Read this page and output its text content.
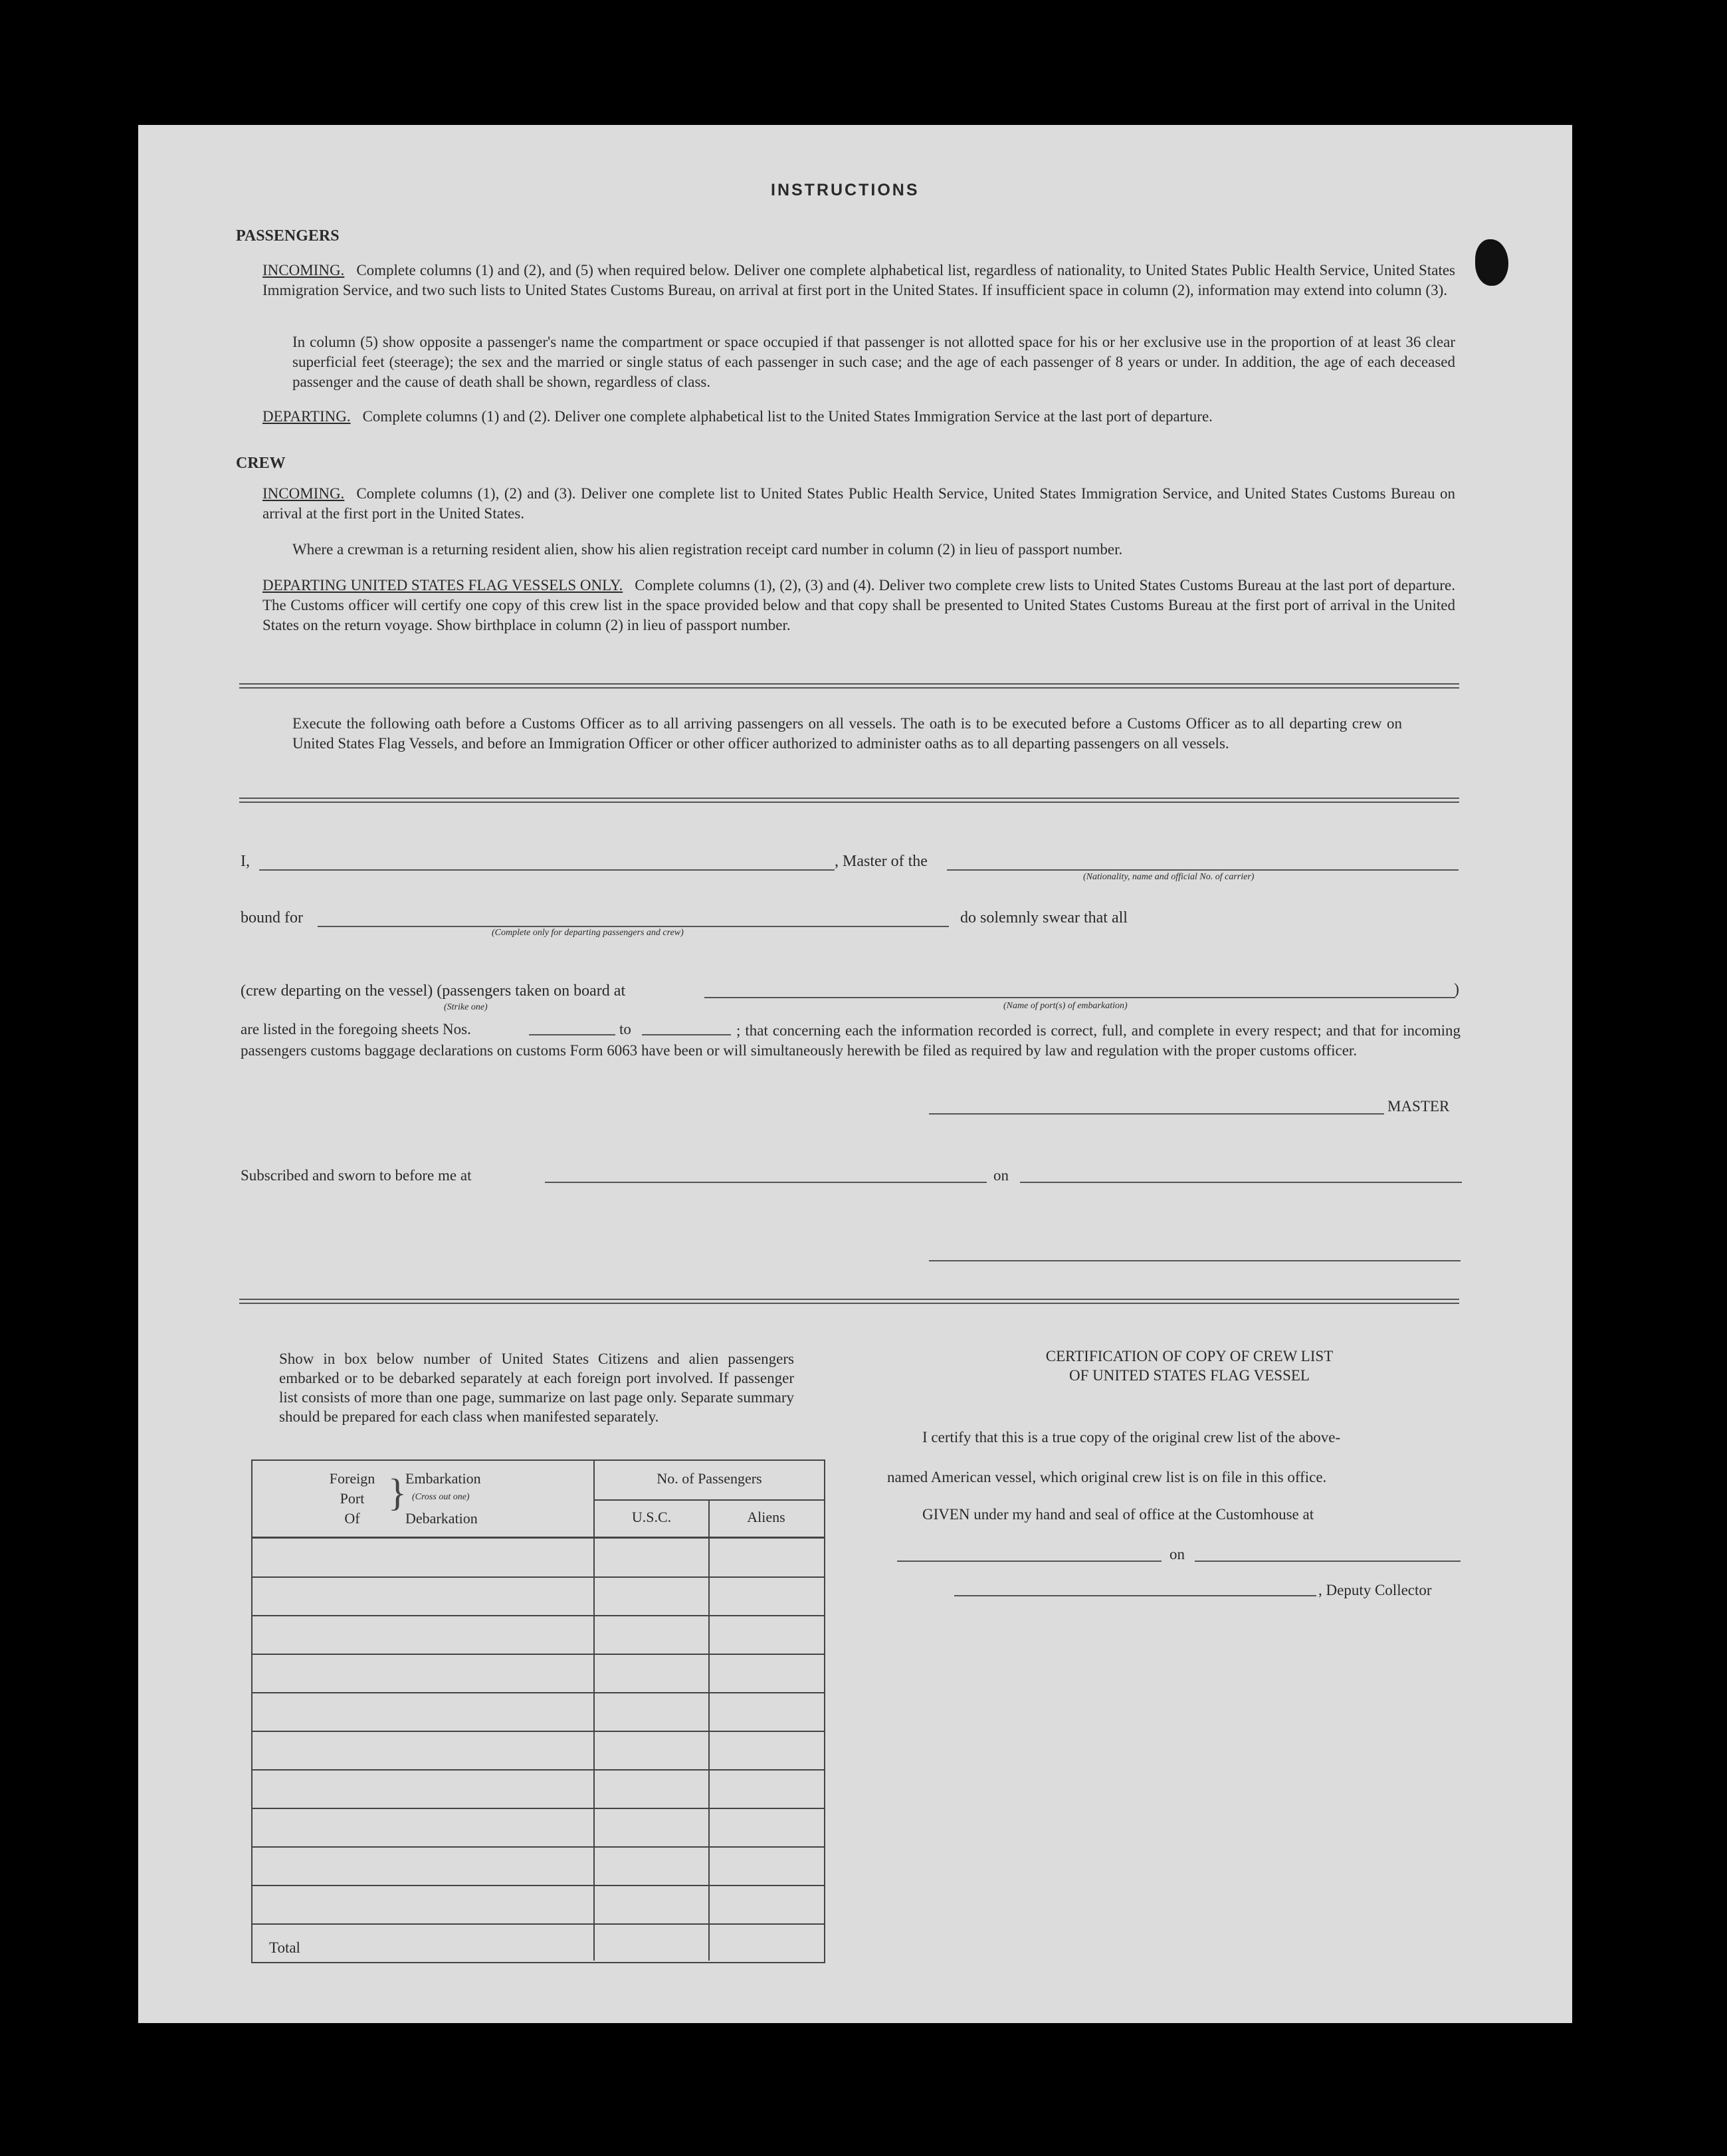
INSTRUCTIONS
PASSENGERS
INCOMING. Complete columns (1) and (2), and (5) when required below. Deliver one complete alphabetical list, regardless of nationality, to United States Public Health Service, United States Immigration Service, and two such lists to United States Customs Bureau, on arrival at first port in the United States. If insufficient space in column (2), information may extend into column (3).
In column (5) show opposite a passenger's name the compartment or space occupied if that passenger is not allotted space for his or her exclusive use in the proportion of at least 36 clear superficial feet (steerage); the sex and the married or single status of each passenger in such case; and the age of each passenger of 8 years or under. In addition, the age of each deceased passenger and the cause of death shall be shown, regardless of class.
DEPARTING. Complete columns (1) and (2). Deliver one complete alphabetical list to the United States Immigration Service at the last port of departure.
CREW
INCOMING. Complete columns (1), (2) and (3). Deliver one complete list to United States Public Health Service, United States Immigration Service, and United States Customs Bureau on arrival at the first port in the United States.
Where a crewman is a returning resident alien, show his alien registration receipt card number in column (2) in lieu of passport number.
DEPARTING UNITED STATES FLAG VESSELS ONLY. Complete columns (1), (2), (3) and (4). Deliver two complete crew lists to United States Customs Bureau at the last port of departure. The Customs officer will certify one copy of this crew list in the space provided below and that copy shall be presented to United States Customs Bureau at the first port of arrival in the United States on the return voyage. Show birthplace in column (2) in lieu of passport number.
Execute the following oath before a Customs Officer as to all arriving passengers on all vessels. The oath is to be executed before a Customs Officer as to all departing crew on United States Flag Vessels, and before an Immigration Officer or other officer authorized to administer oaths as to all departing passengers on all vessels.
I,	, Master of the
(Nationality, name and official No. of carrier)
bound for
(Complete only for departing passengers and crew)
do solemnly swear that all
(crew departing on the vessel) (passengers taken on board at
(Strike one)
)
(Name of port(s) of embarkation)
are listed in the foregoing sheets Nos.	to	; that concerning each the information recorded is correct, full, and complete in every respect; and that for incoming passengers customs baggage declarations on customs Form 6063 have been or will simultaneously herewith be filed as required by law and regulation with the proper customs officer.
MASTER
Subscribed and sworn to before me at	on
Show in box below number of United States Citizens and alien passengers embarked or to be debarked separately at each foreign port involved. If passenger list consists of more than one page, summarize on last page only. Separate summary should be prepared for each class when manifested separately.
Foreign
Port
Of
}
Embarkation
(Cross out one)
Debarkation
No. of Passengers
U.S.C.	Aliens
Total
CERTIFICATION OF COPY OF CREW LIST
OF UNITED STATES FLAG VESSEL
I certify that this is a true copy of the original crew list of the above-
named American vessel, which original crew list is on file in this office.
GIVEN under my hand and seal of office at the Customhouse at
on
, Deputy Collector
